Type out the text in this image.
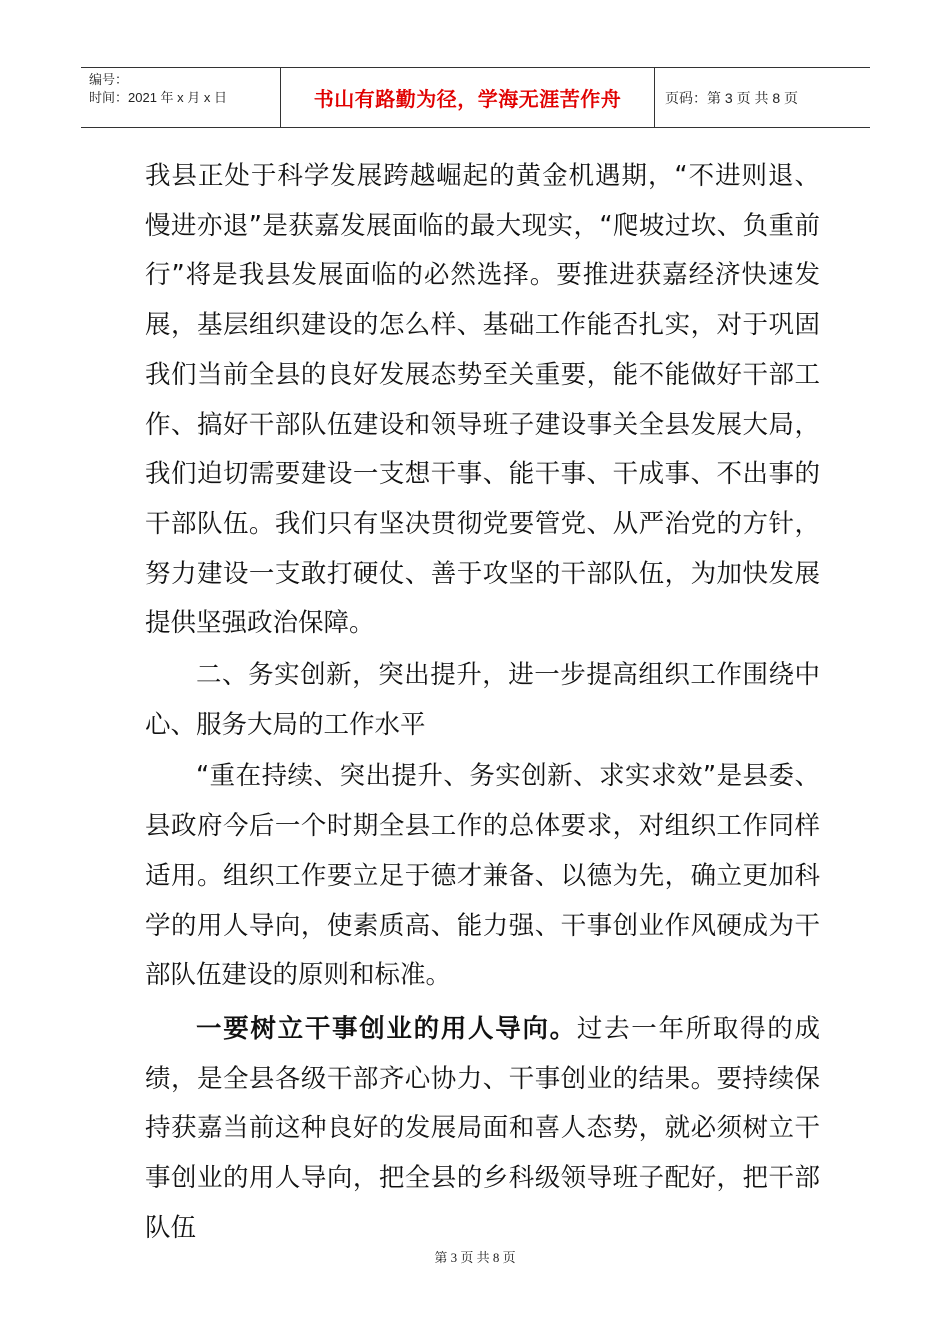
编号：
时间：2021 年 x 月 x 日	书山有路勤为径，学海无涯苦作舟	页码：第 3 页 共 8 页

我县正处于科学发展跨越崛起的黄金机遇期，“不进则退、慢进亦退”是获嘉发展面临的最大现实，“爬坡过坎、负重前行”将是我县发展面临的必然选择。要推进获嘉经济快速发展，基层组织建设的怎么样、基础工作能否扎实，对于巩固我们当前全县的良好发展态势至关重要，能不能做好干部工作、搞好干部队伍建设和领导班子建设事关全县发展大局，我们迫切需要建设一支想干事、能干事、干成事、不出事的干部队伍。我们只有坚决贯彻党要管党、从严治党的方针，努力建设一支敢打硬仗、善于攻坚的干部队伍，为加快发展提供坚强政治保障。

二、务实创新，突出提升，进一步提高组织工作围绕中心、服务大局的工作水平

“重在持续、突出提升、务实创新、求实求效”是县委、县政府今后一个时期全县工作的总体要求，对组织工作同样适用。组织工作要立足于德才兼备、以德为先，确立更加科学的用人导向，使素质高、能力强、干事创业作风硬成为干部队伍建设的原则和标准。

一要树立干事创业的用人导向。过去一年所取得的成绩，是全县各级干部齐心协力、干事创业的结果。要持续保持获嘉当前这种良好的发展局面和喜人态势，就必须树立干事创业的用人导向，把全县的乡科级领导班子配好，把干部队伍

第 3 页 共 8 页
